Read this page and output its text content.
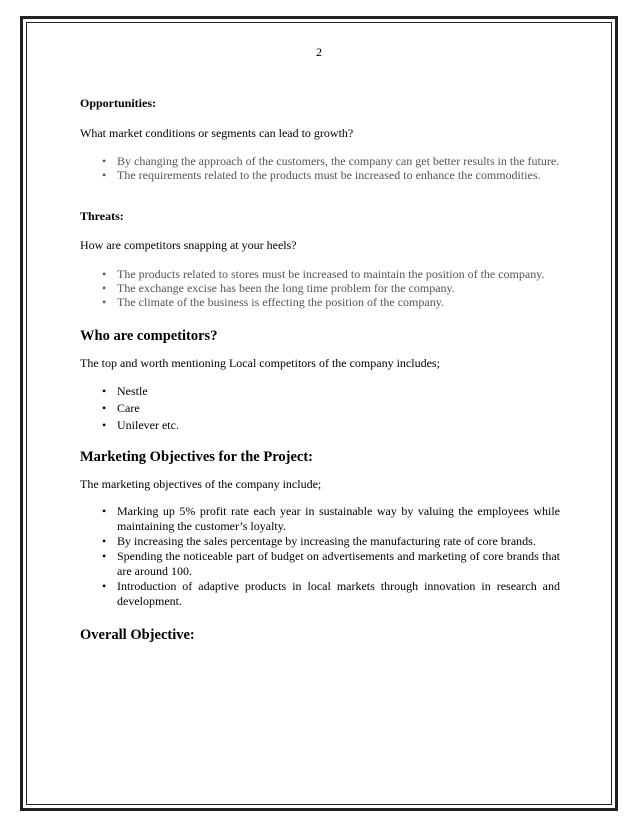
2
Opportunities:

What market conditions or segments can lead to growth?

• By changing the approach of the customers, the company can get better results in the future.
• The requirements related to the products must be increased to enhance the commodities.
Threats:

How are competitors snapping at your heels?

• The products related to stores must be increased to maintain the position of the company.
• The exchange excise has been the long time problem for the company.
• The climate of the business is effecting the position of the company.
Who are competitors?

The top and worth mentioning Local competitors of the company includes;

• Nestle
• Care
• Unilever etc.
Marketing Objectives for the Project:

The marketing objectives of the company include;

• Marking up 5% profit rate each year in sustainable way by valuing the employees while maintaining the customer’s loyalty.
• By increasing the sales percentage by increasing the manufacturing rate of core brands.
• Spending the noticeable part of budget on advertisements and marketing of core brands that are around 100.
• Introduction of adaptive products in local markets through innovation in research and development.
Overall Objective:
